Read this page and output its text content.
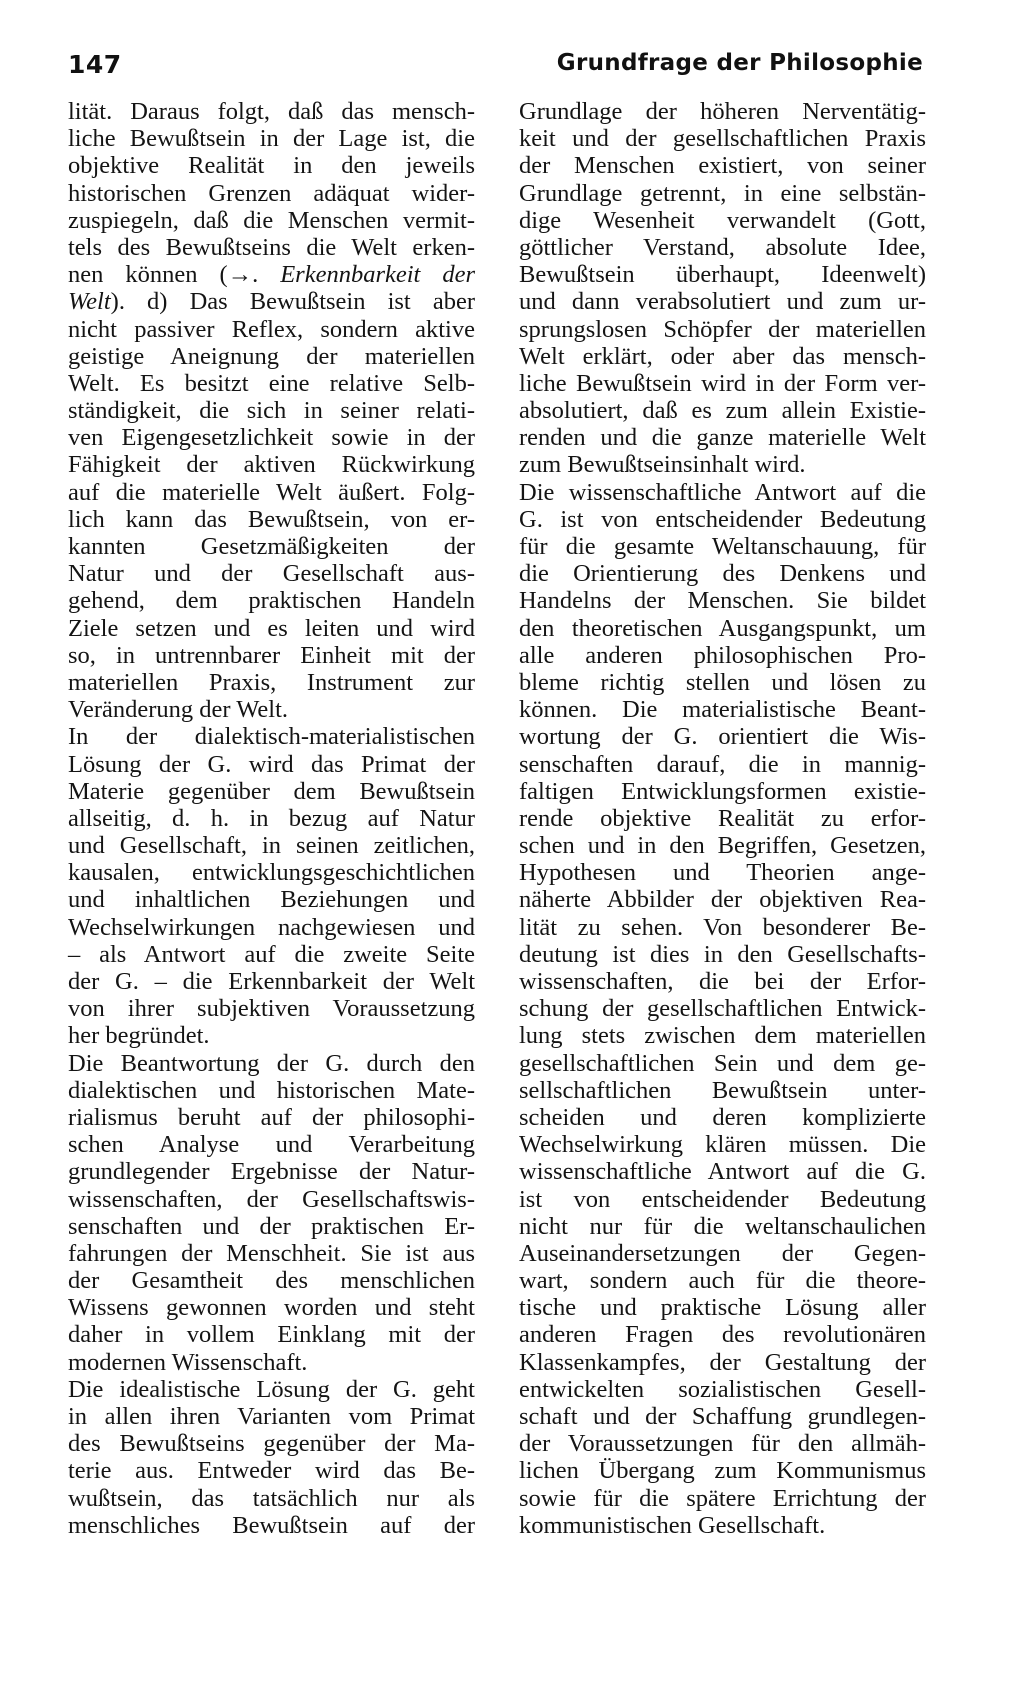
147	Grundfrage der Philosophie
lität. Daraus folgt, daß das mensch-
liche Bewußtsein in der Lage ist, die
objektive Realität in den jeweils
historischen Grenzen adäquat wider-
zuspiegeln, daß die Menschen vermit-
tels des Bewußtseins die Welt erken-
nen können (→. Erkennbarkeit der
Welt). d) Das Bewußtsein ist aber
nicht passiver Reflex, sondern aktive
geistige Aneignung der materiellen
Welt. Es besitzt eine relative Selb-
ständigkeit, die sich in seiner relati-
ven Eigengesetzlichkeit sowie in der
Fähigkeit der aktiven Rückwirkung
auf die materielle Welt äußert. Folg-
lich kann das Bewußtsein, von er-
kannten Gesetzmäßigkeiten der
Natur und der Gesellschaft aus-
gehend, dem praktischen Handeln
Ziele setzen und es leiten und wird
so, in untrennbarer Einheit mit der
materiellen Praxis, Instrument zur
Veränderung der Welt.
In der dialektisch-materialistischen
Lösung der G. wird das Primat der
Materie gegenüber dem Bewußtsein
allseitig, d. h. in bezug auf Natur
und Gesellschaft, in seinen zeitlichen,
kausalen, entwicklungsgeschichtlichen
und inhaltlichen Beziehungen und
Wechselwirkungen nachgewiesen und
– als Antwort auf die zweite Seite
der G. – die Erkennbarkeit der Welt
von ihrer subjektiven Voraussetzung
her begründet.
Die Beantwortung der G. durch den
dialektischen und historischen Mate-
rialismus beruht auf der philosophi-
schen Analyse und Verarbeitung
grundlegender Ergebnisse der Natur-
wissenschaften, der Gesellschaftswis-
senschaften und der praktischen Er-
fahrungen der Menschheit. Sie ist aus
der Gesamtheit des menschlichen
Wissens gewonnen worden und steht
daher in vollem Einklang mit der
modernen Wissenschaft.
Die idealistische Lösung der G. geht
in allen ihren Varianten vom Primat
des Bewußtseins gegenüber der Ma-
terie aus. Entweder wird das Be-
wußtsein, das tatsächlich nur als
menschliches Bewußtsein auf der
Grundlage der höheren Nerventätig-
keit und der gesellschaftlichen Praxis
der Menschen existiert, von seiner
Grundlage getrennt, in eine selbstän-
dige Wesenheit verwandelt (Gott,
göttlicher Verstand, absolute Idee,
Bewußtsein überhaupt, Ideenwelt)
und dann verabsolutiert und zum ur-
sprungslosen Schöpfer der materiellen
Welt erklärt, oder aber das mensch-
liche Bewußtsein wird in der Form ver-
absolutiert, daß es zum allein Existie-
renden und die ganze materielle Welt
zum Bewußtseinsinhalt wird.
Die wissenschaftliche Antwort auf die
G. ist von entscheidender Bedeutung
für die gesamte Weltanschauung, für
die Orientierung des Denkens und
Handelns der Menschen. Sie bildet
den theoretischen Ausgangspunkt, um
alle anderen philosophischen Pro-
bleme richtig stellen und lösen zu
können. Die materialistische Beant-
wortung der G. orientiert die Wis-
senschaften darauf, die in mannig-
faltigen Entwicklungsformen existie-
rende objektive Realität zu erfor-
schen und in den Begriffen, Gesetzen,
Hypothesen und Theorien ange-
näherte Abbilder der objektiven Rea-
lität zu sehen. Von besonderer Be-
deutung ist dies in den Gesellschafts-
wissenschaften, die bei der Erfor-
schung der gesellschaftlichen Entwick-
lung stets zwischen dem materiellen
gesellschaftlichen Sein und dem ge-
sellschaftlichen Bewußtsein unter-
scheiden und deren komplizierte
Wechselwirkung klären müssen. Die
wissenschaftliche Antwort auf die G.
ist von entscheidender Bedeutung
nicht nur für die weltanschaulichen
Auseinandersetzungen der Gegen-
wart, sondern auch für die theore-
tische und praktische Lösung aller
anderen Fragen des revolutionären
Klassenkampfes, der Gestaltung der
entwickelten sozialistischen Gesell-
schaft und der Schaffung grundlegen-
der Voraussetzungen für den allmäh-
lichen Übergang zum Kommunismus
sowie für die spätere Errichtung der
kommunistischen Gesellschaft.
